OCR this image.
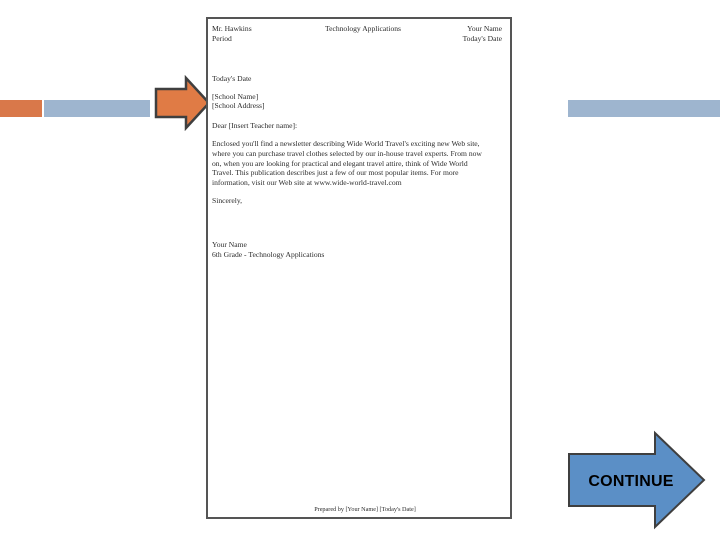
Mr. Hawkins
Period
Technology Applications	Your Name
Today's Date

Today's Date

[School Name]

[School Address]

Dear [Insert Teacher name]:

Enclosed you'll find a newsletter describing Wide World Travel's exciting new Web site,

where you can purchase travel clothes selected by our in-house travel experts. From now

on, when you are looking for practical and elegant travel attire, think of Wide World

Travel. This publication describes just a few of our most popular items. For more

information, visit our Web site at www.wide-world-travel.com

Sincerely,

Your Name

6th Grade - Technology Applications

Prepared by [Your Name] [Today's Date]
CONTINUE
